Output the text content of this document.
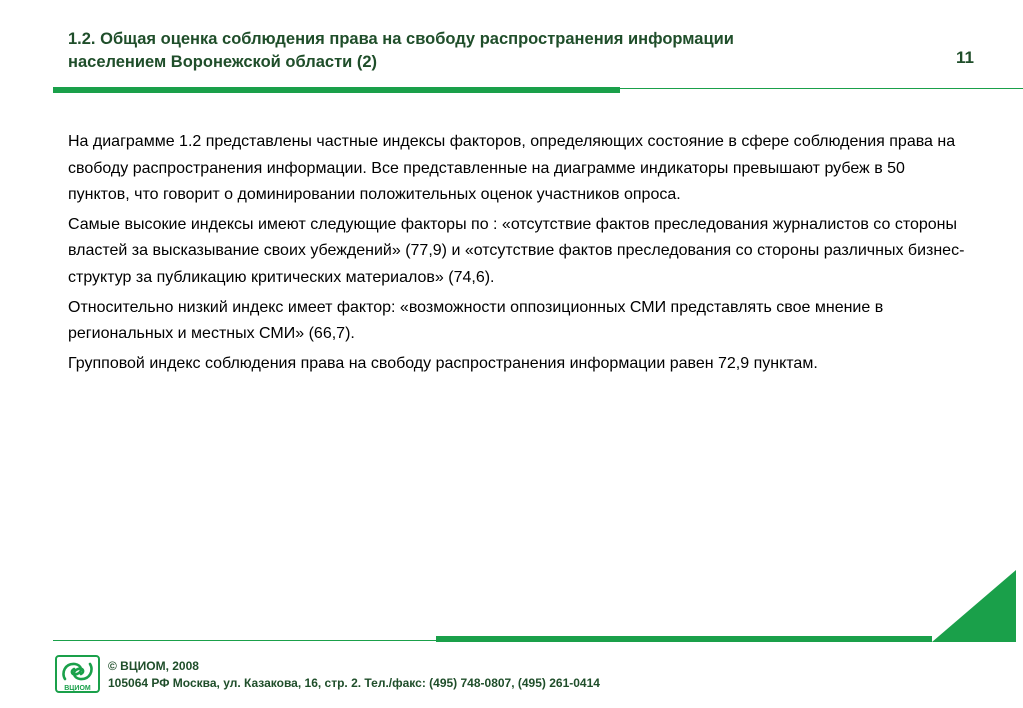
1.2. Общая оценка соблюдения права на свободу распространения информации
населением Воронежской области (2)	11

На диаграмме 1.2 представлены частные индексы факторов, определяющих состояние в сфере соблюдения права на свободу распространения информации. Все представленные на диаграмме индикаторы превышают рубеж в 50 пунктов, что говорит о доминировании положительных оценок участников опроса.

Самые высокие индексы имеют следующие факторы по : «отсутствие фактов преследования журналистов со стороны властей за высказывание своих убеждений» (77,9) и «отсутствие фактов преследования со стороны различных бизнес-структур за публикацию критических материалов» (74,6).

Относительно низкий индекс имеет фактор: «возможности оппозиционных СМИ представлять свое мнение в региональных и местных СМИ» (66,7).

Групповой индекс соблюдения права на свободу распространения информации равен 72,9 пунктам.

ВЦИОМ
© ВЦИОМ, 2008
105064 РФ Москва, ул. Казакова, 16, стр. 2. Тел./факс: (495) 748-0807, (495) 261-0414
